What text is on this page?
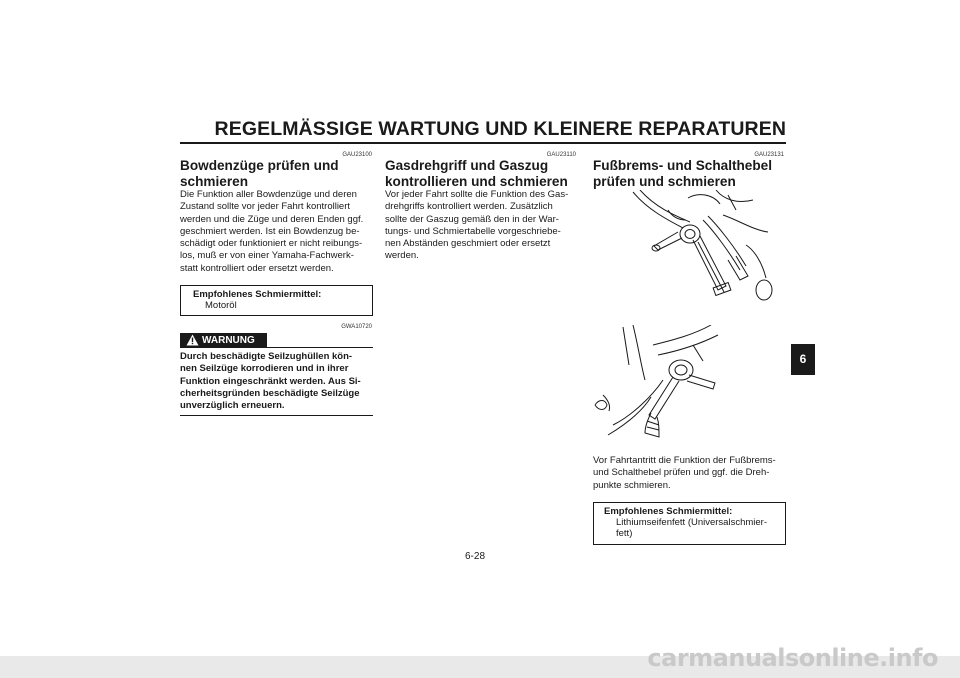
REGELMÄSSIGE WARTUNG UND KLEINERE REPARATUREN
GAU23100
Bowdenzüge prüfen und
schmieren
Die Funktion aller Bowdenzüge und deren
Zustand sollte vor jeder Fahrt kontrolliert
werden und die Züge und deren Enden ggf.
geschmiert werden. Ist ein Bowdenzug be-
schädigt oder funktioniert er nicht reibungs-
los, muß er von einer Yamaha-Fachwerk-
statt kontrolliert oder ersetzt werden.
Empfohlenes Schmiermittel:
Motoröl
GWA10720
WARNUNG
Durch beschädigte Seilzughüllen kön-
nen Seilzüge korrodieren und in ihrer
Funktion eingeschränkt werden. Aus Si-
cherheitsgründen beschädigte Seilzüge
unverzüglich erneuern.
GAU23110
Gasdrehgriff und Gaszug
kontrollieren und schmieren
Vor jeder Fahrt sollte die Funktion des Gas-
drehgriffs kontrolliert werden. Zusätzlich
sollte der Gaszug gemäß den in der War-
tungs- und Schmiertabelle vorgeschriebe-
nen Abständen geschmiert oder ersetzt
werden.
GAU23131
Fußbrems- und Schalthebel
prüfen und schmieren
Vor Fahrtantritt die Funktion der Fußbrems-
und Schalthebel prüfen und ggf. die Dreh-
punkte schmieren.
Empfohlenes Schmiermittel:
Lithiumseifenfett (Universalschmier-
fett)
6
6-28
carmanualsonline.info
